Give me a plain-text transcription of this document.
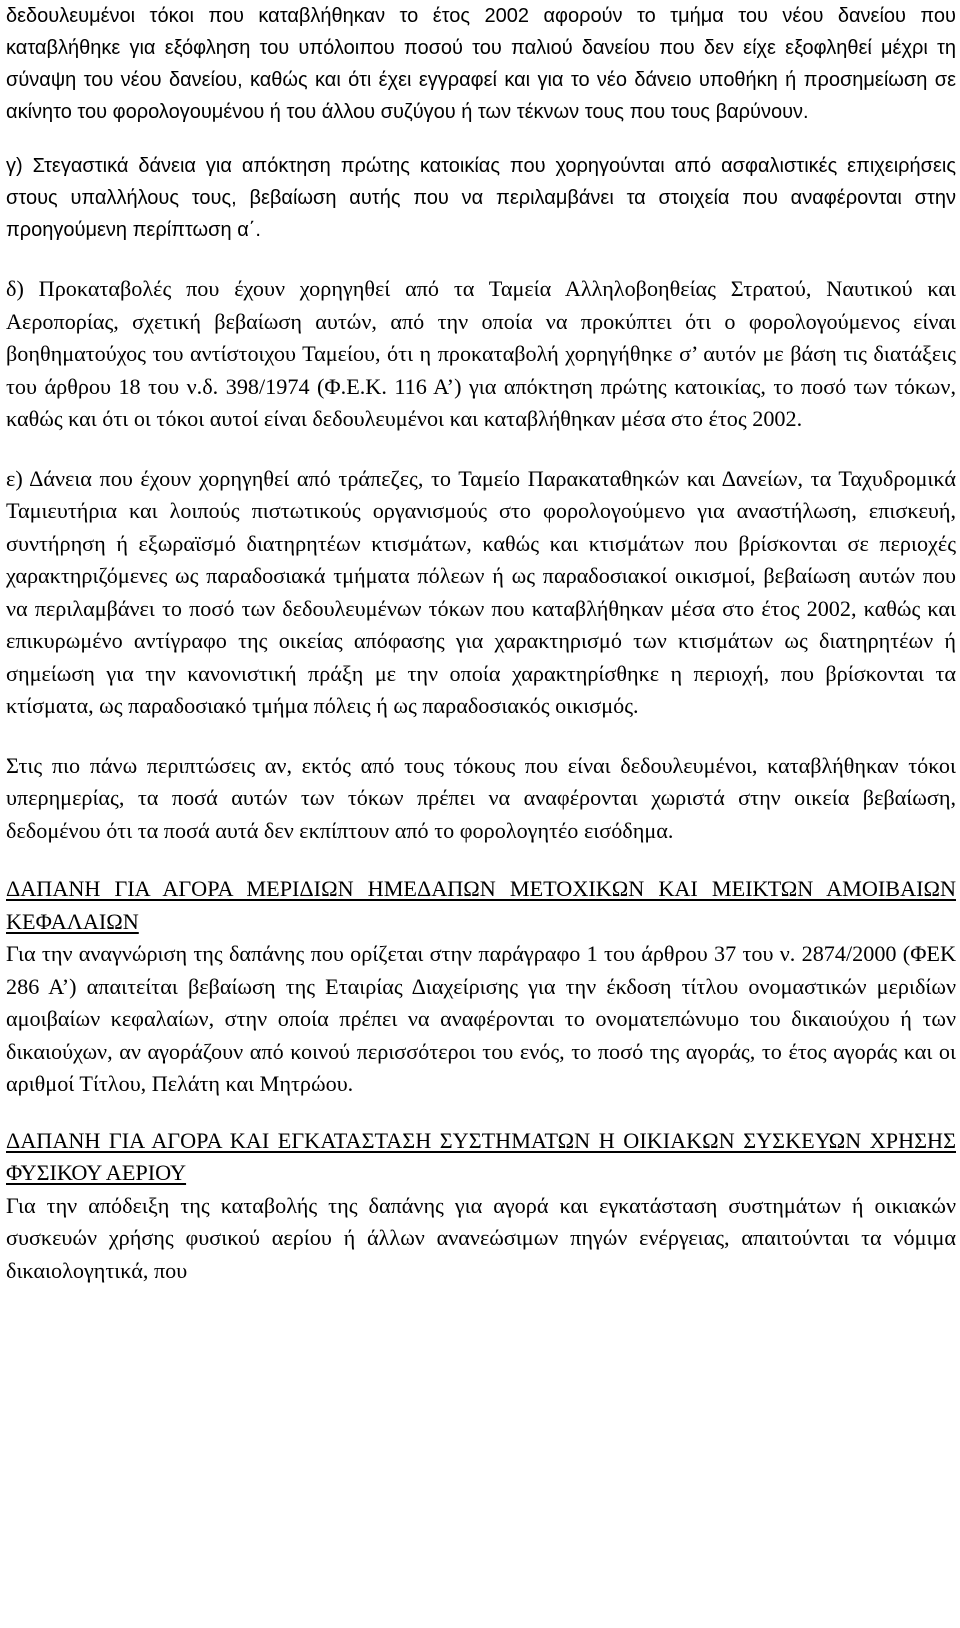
δεδουλευμένοι τόκοι που καταβλήθηκαν το έτος 2002 αφορούν το τμήμα του νέου δανείου που καταβλήθηκε για εξόφληση του υπόλοιπου ποσού του παλιού δανείου που δεν είχε εξοφληθεί μέχρι τη σύναψη του νέου δανείου, καθώς και ότι έχει εγγραφεί και για το νέο δάνειο υποθήκη ή προσημείωση σε ακίνητο του φορολογουμένου ή του άλλου συζύγου ή των τέκνων τους που τους βαρύνουν.

γ) Στεγαστικά δάνεια για απόκτηση πρώτης κατοικίας που χορηγούνται από ασφαλιστικές επιχειρήσεις στους υπαλλήλους τους, βεβαίωση αυτής που να περιλαμβάνει τα στοιχεία που αναφέρονται στην προηγούμενη περίπτωση α΄.

δ) Προκαταβολές που έχουν χορηγηθεί από τα Ταμεία Αλληλοβοηθείας Στρατού, Ναυτικού και Αεροπορίας, σχετική βεβαίωση αυτών, από την οποία να προκύπτει ότι ο φορολογούμενος είναι βοηθηματούχος του αντίστοιχου Ταμείου, ότι η προκαταβολή χορηγήθηκε σ’ αυτόν με βάση τις διατάξεις του άρθρου 18 του ν.δ. 398/1974 (Φ.Ε.Κ. 116 Α’) για απόκτηση πρώτης κατοικίας, το ποσό των τόκων, καθώς και ότι οι τόκοι αυτοί είναι δεδουλευμένοι και καταβλήθηκαν μέσα στο έτος 2002.

ε) Δάνεια που έχουν χορηγηθεί από τράπεζες, το Ταμείο Παρακαταθηκών και Δανείων, τα Ταχυδρομικά Ταμιευτήρια και λοιπούς πιστωτικούς οργανισμούς στο φορολογούμενο για αναστήλωση, επισκευή, συντήρηση ή εξωραϊσμό διατηρητέων κτισμάτων, καθώς και κτισμάτων που βρίσκονται σε περιοχές χαρακτηριζόμενες ως παραδοσιακά τμήματα πόλεων ή ως παραδοσιακοί οικισμοί, βεβαίωση αυτών που να περιλαμβάνει το ποσό των δεδουλευμένων τόκων που καταβλήθηκαν μέσα στο έτος 2002, καθώς και επικυρωμένο αντίγραφο της οικείας απόφασης για χαρακτηρισμό των κτισμάτων ως διατηρητέων ή σημείωση για την κανονιστική πράξη με την οποία χαρακτηρίσθηκε η περιοχή, που βρίσκονται τα κτίσματα, ως παραδοσιακό τμήμα πόλεις ή ως παραδοσιακός οικισμός.

Στις πιο πάνω περιπτώσεις αν, εκτός από τους τόκους που είναι δεδουλευμένοι, καταβλήθηκαν τόκοι υπερημερίας, τα ποσά αυτών των τόκων πρέπει να αναφέρονται χωριστά στην οικεία βεβαίωση, δεδομένου ότι τα ποσά αυτά δεν εκπίπτουν από το φορολογητέο εισόδημα.

ΔΑΠΑΝΗ ΓΙΑ ΑΓΟΡΑ ΜΕΡΙΔΙΩΝ ΗΜΕΔΑΠΩΝ ΜΕΤΟΧΙΚΩΝ ΚΑΙ ΜΕΙΚΤΩΝ ΑΜΟΙΒΑΙΩΝ ΚΕΦΑΛΑΙΩΝ

Για την αναγνώριση της δαπάνης που ορίζεται στην παράγραφο 1 του άρθρου 37 του ν. 2874/2000 (ΦΕΚ 286 Α’) απαιτείται βεβαίωση της Εταιρίας Διαχείρισης για την έκδοση τίτλου ονομαστικών μεριδίων αμοιβαίων κεφαλαίων, στην οποία πρέπει να αναφέρονται το ονοματεπώνυμο του δικαιούχου ή των δικαιούχων, αν αγοράζουν από κοινού περισσότεροι του ενός, το ποσό της αγοράς, το έτος αγοράς και οι αριθμοί Τίτλου, Πελάτη και Μητρώου.

ΔΑΠΑΝΗ ΓΙΑ ΑΓΟΡΑ ΚΑΙ ΕΓΚΑΤΑΣΤΑΣΗ ΣΥΣΤΗΜΑΤΩΝ Η ΟΙΚΙΑΚΩΝ ΣΥΣΚΕΥΩΝ ΧΡΗΣΗΣ ΦΥΣΙΚΟΥ ΑΕΡΙΟΥ

Για την απόδειξη της καταβολής της δαπάνης για αγορά και εγκατάσταση συστημάτων ή οικιακών συσκευών χρήσης φυσικού αερίου ή άλλων ανανεώσιμων πηγών ενέργειας, απαιτούνται τα νόμιμα δικαιολογητικά, που
